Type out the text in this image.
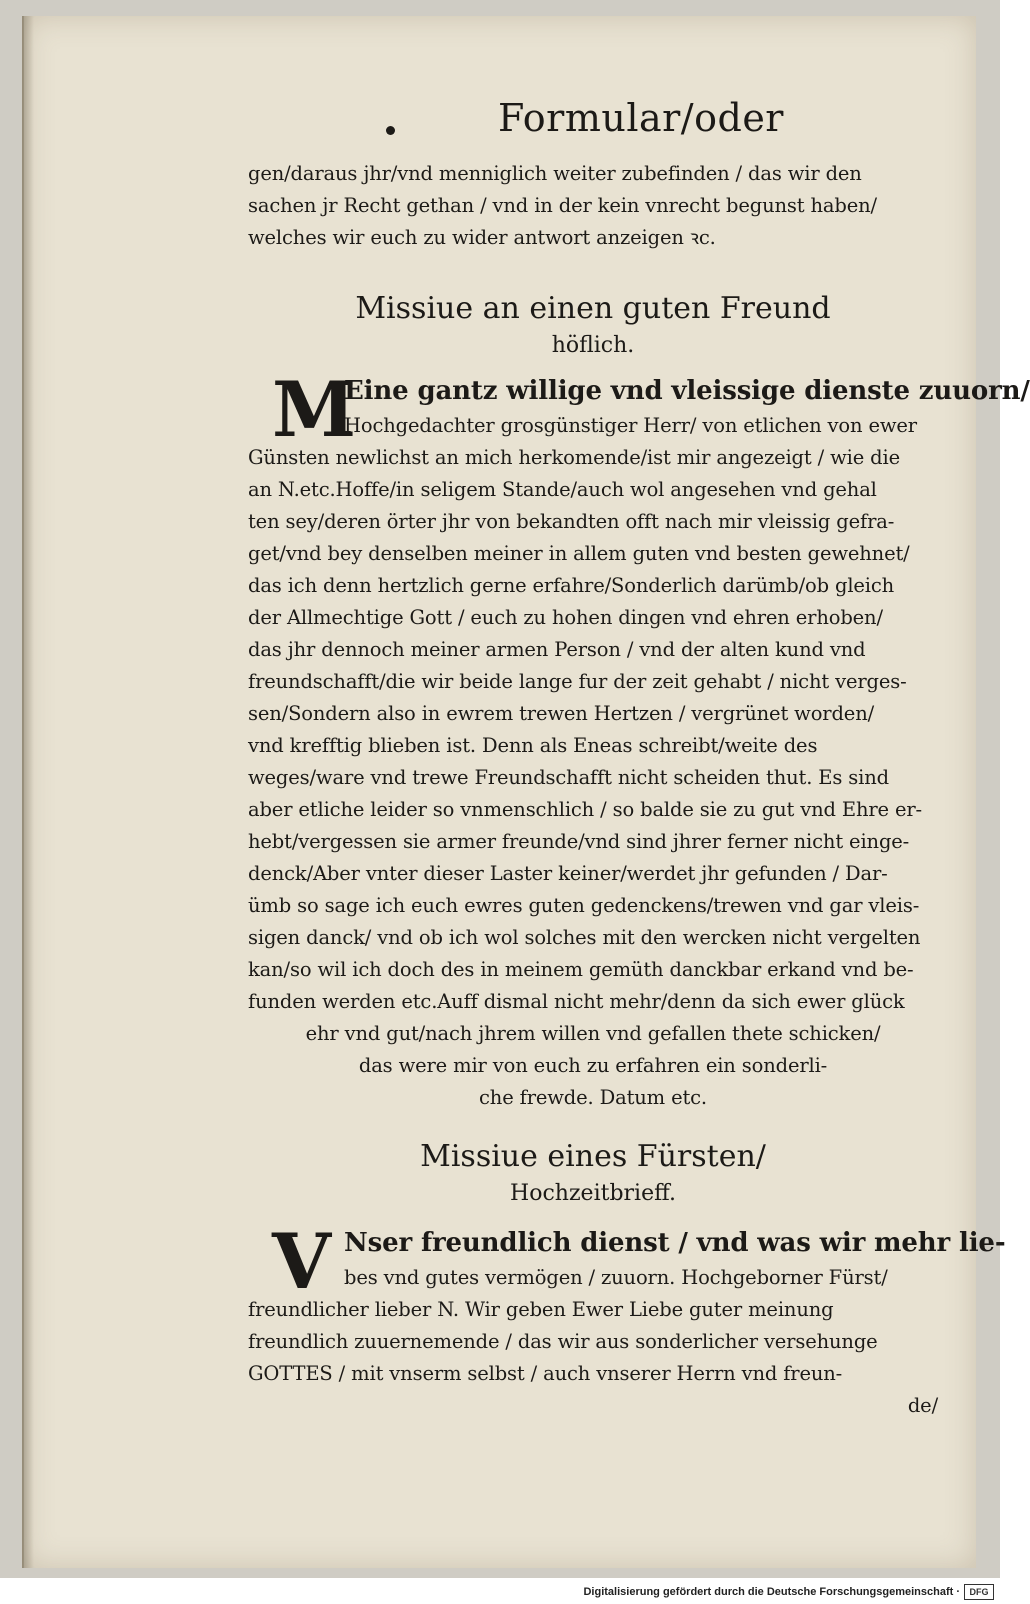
Formular/oder
gen/daraus jhr/vnd menniglich weiter zubefinden / das wir den
sachen jr Recht gethan / vnd in der kein vnrecht begunst haben/
welches wir euch zu wider antwort anzeigen ꝛc.
Missiue an einen guten Freund
höflich.
M
Eine gantz willige vnd vleissige dienste zuuorn/
Hochgedachter grosgünstiger Herr/ von etlichen von ewer
Günsten newlichst an mich herkomende/ist mir angezeigt / wie die
an N.etc.Hoffe/in seligem Stande/auch wol angesehen vnd gehal
ten sey/deren örter jhr von bekandten offt nach mir vleissig gefra-
get/vnd bey denselben meiner in allem guten vnd besten gewehnet/
das ich denn hertzlich gerne erfahre/Sonderlich darümb/ob gleich
der Allmechtige Gott / euch zu hohen dingen vnd ehren erhoben/
das jhr dennoch meiner armen Person / vnd der alten kund vnd
freundschafft/die wir beide lange fur der zeit gehabt / nicht verges-
sen/Sondern also in ewrem trewen Hertzen / vergrünet worden/
vnd krefftig blieben ist. Denn als Eneas schreibt/weite des
weges/ware vnd trewe Freundschafft nicht scheiden thut. Es sind
aber etliche leider so vnmenschlich / so balde sie zu gut vnd Ehre er-
hebt/vergessen sie armer freunde/vnd sind jhrer ferner nicht einge-
denck/Aber vnter dieser Laster keiner/werdet jhr gefunden / Dar-
ümb so sage ich euch ewres guten gedenckens/trewen vnd gar vleis-
sigen danck/ vnd ob ich wol solches mit den wercken nicht vergelten
kan/so wil ich doch des in meinem gemüth danckbar erkand vnd be-
funden werden etc.Auff dismal nicht mehr/denn da sich ewer glück
ehr vnd gut/nach jhrem willen vnd gefallen thete schicken/
das were mir von euch zu erfahren ein sonderli-
che frewde. Datum etc.
Missiue eines Fürsten/
Hochzeitbrieff.
V Nser freundlich dienst / vnd was wir mehr lie-
bes vnd gutes vermögen / zuuorn. Hochgeborner Fürst/
freundlicher lieber N. Wir geben Ewer Liebe guter meinung
freundlich zuuernemende / das wir aus sonderlicher versehunge
GOTTES / mit vnserm selbst / auch vnserer Herrn vnd freun-
de/
Digitalisierung gefördert durch die Deutsche Forschungsgemeinschaft ·	DFG
